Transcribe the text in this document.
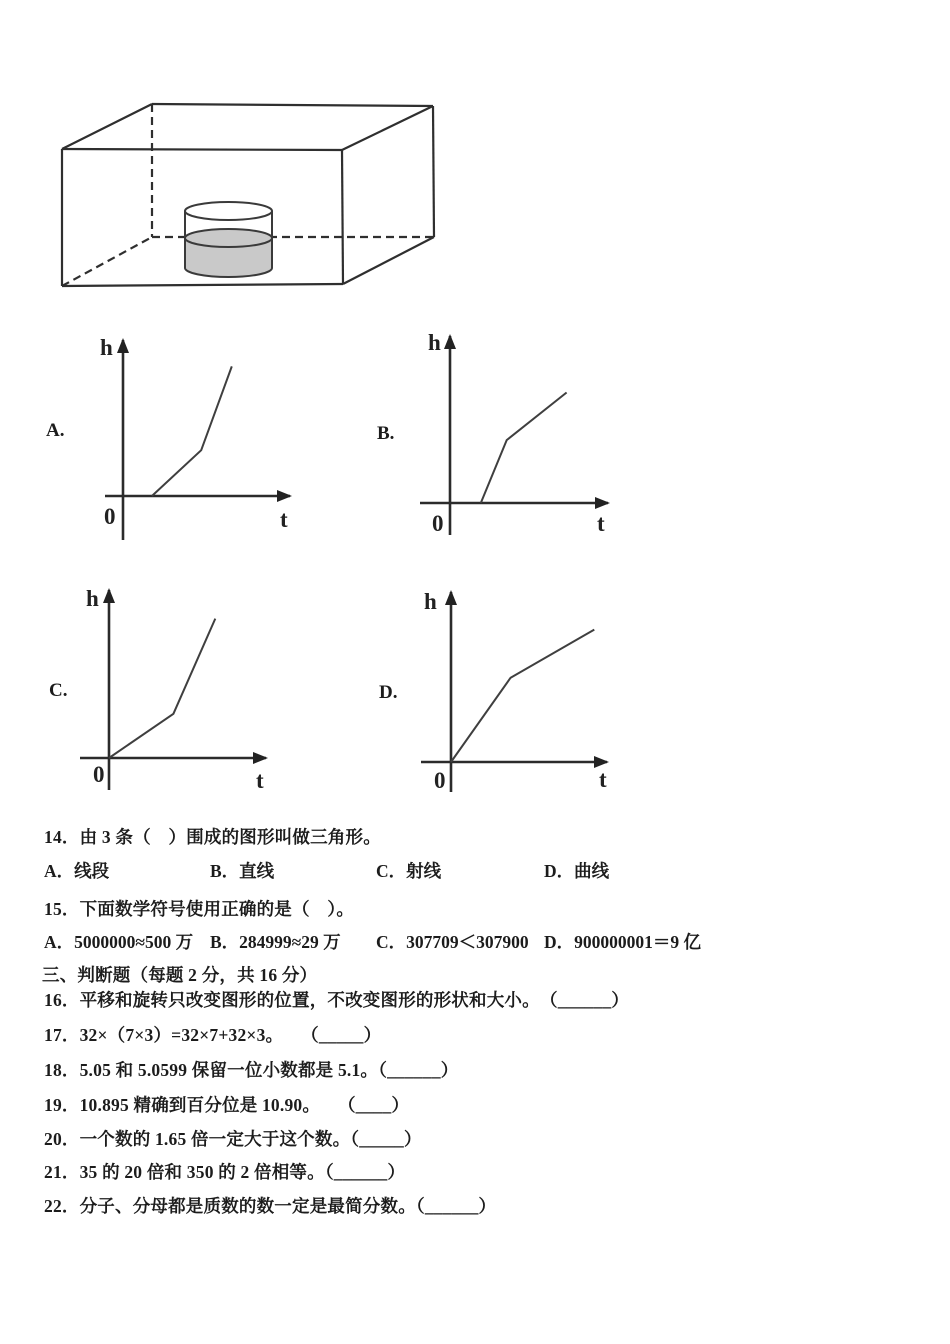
A.	B.
C.	D.
h
0	t
h
0	t
h
0	t
h
0	t
14．由 3 条（　）围成的图形叫做三角形。
A．线段	B．直线	C．射线	D．曲线
15．下面数学符号使用正确的是（　）。
A．5000000≈500 万 B．284999≈29 万 C．307709＜307900 D．900000001＝9 亿
三、判断题（每题 2 分，共 16 分）
16．平移和旋转只改变图形的位置，不改变图形的形状和大小。　（______）
17．32×（7×3）=32×7+32×3。　　（_____）
18．5.05 和 5.0599 保留一位小数都是 5.1。（______）
19．10.895 精确到百分位是 10.90。　　（____）
20．一个数的 1.65 倍一定大于这个数。（_____）
21．35 的 20 倍和 350 的 2 倍相等。（______）
22．分子、分母都是质数的数一定是最简分数。（______）
